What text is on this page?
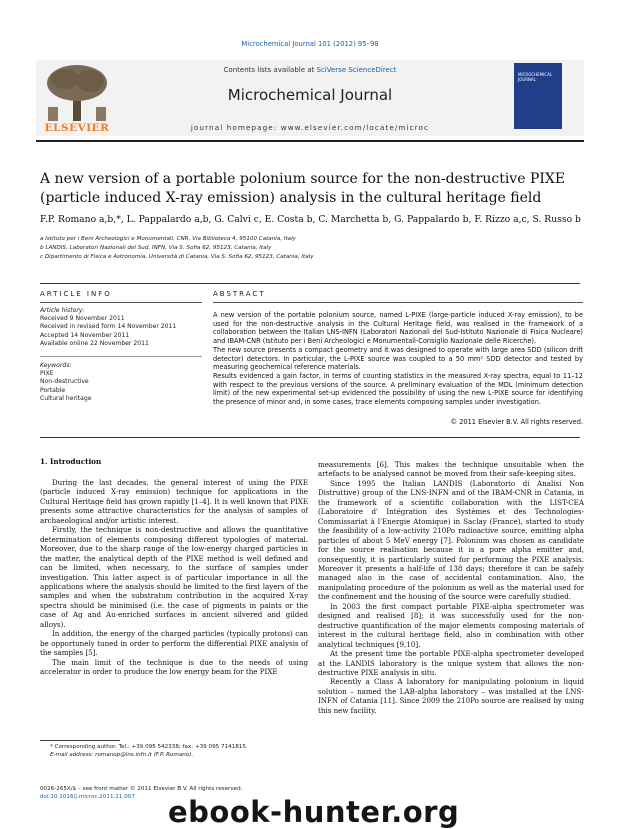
Microchemical Journal 101 (2012) 95–98
ELSEVIER
Contents lists available at SciVerse ScienceDirect
Microchemical Journal
journal homepage: www.elsevier.com/locate/microc
MICROCHEMICAL JOURNAL
A new version of a portable polonium source for the non-destructive PIXE
(particle induced X-ray emission) analysis in the cultural heritage field
F.P. Romano a,b,*, L. Pappalardo a,b, G. Calvi c, E. Costa b, C. Marchetta b, G. Pappalardo b, F. Rizzo a,c, S. Russo b
a Istituto per i Beni Archeologici e Monumentali, CNR, Via Biblioteca 4, 95100 Catania, Italy
b LANDIS, Laboratori Nazionali del Sud, INFN, Via S. Sofia 62, 95123, Catania, Italy
c Dipartimento di Fisica e Astronomia, Università di Catania, Via S. Sofia 62, 95123, Catania, Italy
ARTICLE INFO
Article history:
Received 9 November 2011
Received in revised form 14 November 2011
Accepted 14 November 2011
Available online 22 November 2011
Keywords:
PIXE
Non-destructive
Portable
Cultural heritage
ABSTRACT

A new version of the portable polonium source, named L-PIXE (large-particle induced X-ray emission), to be used for the non-destructive analysis in the Cultural Heritage field, was realised in the framework of a collaboration between the Italian LNS-INFN (Laboratori Nazionali del Sud-Istituto Nazionale di Fisica Nucleare) and IBAM-CNR (Istituto per i Beni Archeologici e Monumentali-Consiglio Nazionale delle Ricerche).

The new source presents a compact geometry and it was designed to operate with large area SDD (silicon drift detector) detectors. In particular, the L-PIXE source was coupled to a 50 mm² SDD detector and tested by measuring geochemical reference materials.

Results evidenced a gain factor, in terms of counting statistics in the measured X-ray spectra, equal to 11–12 with respect to the previous versions of the source. A preliminary evaluation of the MDL (minimum detection limit) of the new experimental set-up evidenced the possibility of using the new L-PIXE source for identifying the presence of minor and, in some cases, trace elements composing samples under investigation.

© 2011 Elsevier B.V. All rights reserved.
1. Introduction

During the last decades, the general interest of using the PIXE (particle induced X-ray emission) technique for applications in the Cultural Heritage field has grown rapidly [1–4]. It is well known that PIXE presents some attractive characteristics for the analysis of samples of archaeological and/or artistic interest.

Firstly, the technique is non-destructive and allows the quantitative determination of elements composing different typologies of material. Moreover, due to the sharp range of the low-energy charged particles in the matter, the analytical depth of the PIXE method is well defined and can be limited, when necessary, to the surface of samples under investigation. This latter aspect is of particular importance in all the applications where the analysis should be limited to the first layers of the samples and when the substratum contribution in the acquired X-ray spectra should be minimised (i.e. the case of pigments in paints or the case of Ag and Au-enriched surfaces in ancient silvered and gilded alloys).

In addition, the energy of the charged particles (typically protons) can be opportunely tuned in order to perform the differential PIXE analysis of the samples [5].

The main limit of the technique is due to the needs of using accelerator in order to produce the low energy beam for the PIXE

measurements [6]. This makes the technique unsuitable when the artefacts to be analysed cannot be moved from their safe-keeping sites.

Since 1995 the Italian LANDIS (Laboratorio di Analisi Non Distruttive) group of the LNS-INFN and of the IBAM-CNR in Catania, in the framework of a scientific collaboration with the LIST-CEA (Laboratoire d' Intégration des Systèmes et des Technologies-Commissariat à l'Energie Atomique) in Saclay (France), started to study the feasibility of a low-activity 210Po radioactive source, emitting alpha particles of about 5 MeV energy [7]. Polonium was chosen as candidate for the source realisation because it is a pure alpha emitter and, consequently, it is particularly suited for performing the PIXE analysis. Moreover it presents a half-life of 138 days; therefore it can be safely managed also in the case of accidental contamination. Also, the manipulating procedure of the polonium as well as the material used for the confinement and the housing of the source were carefully studied.

In 2003 the first compact portable PIXE-alpha spectrometer was designed and realised [8]; it was successfully used for the non-destructive quantification of the major elements composing materials of interest in the cultural heritage field, also in combination with other analytical techniques [9,10].

At the present time the portable PIXE-alpha spectrometer developed at the LANDIS laboratory is the unique system that allows the non-destructive PIXE analysis in situ.

Recently a Class A laboratory for manipulating polonium in liquid solution – named the LAB-alpha laboratory – was installed at the LNS-INFN of Catania [11]. Since 2009 the 210Po source are realised by using this new facility.

* Corresponding author. Tel.: +39 095 542338; fax: +39 095 7141815.
E-mail address: romanop@lns.infn.it (F.P. Romano).
0026-265X/$ – see front matter © 2011 Elsevier B.V. All rights reserved.
doi:10.1016/j.microc.2011.11.007	ebook-hunter.org
